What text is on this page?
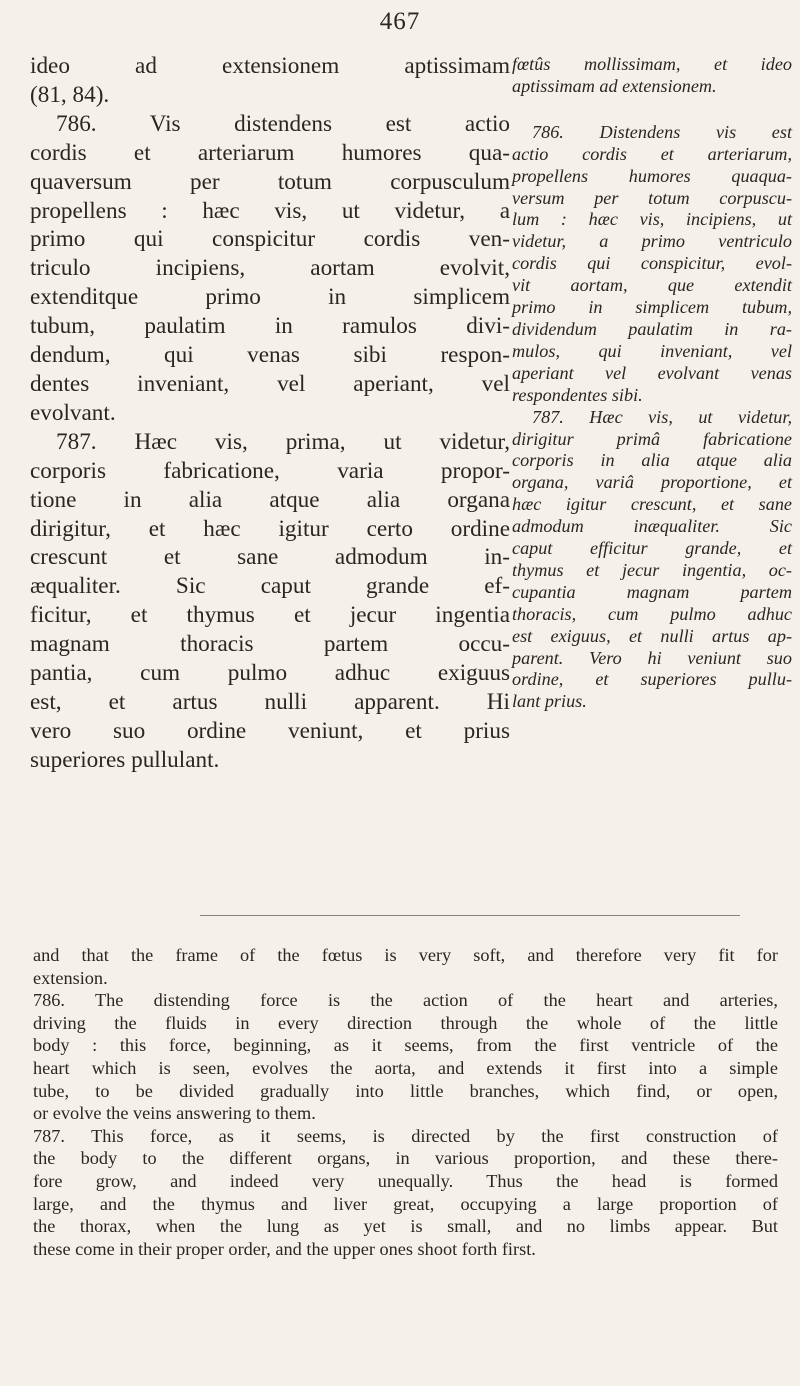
467
ideo ad extensionem aptissimam
(81, 84).
786. Vis distendens est actio
cordis et arteriarum humores qua-
quaversum per totum corpusculum
propellens : hæc vis, ut videtur, a
primo qui conspicitur cordis ven-
triculo incipiens, aortam evolvit,
extenditque primo in simplicem
tubum, paulatim in ramulos divi-
dendum, qui venas sibi respon-
dentes inveniant, vel aperiant, vel
evolvant.
787. Hæc vis, prima, ut videtur,
corporis fabricatione, varia propor-
tione in alia atque alia organa
dirigitur, et hæc igitur certo ordine
crescunt et sane admodum in-
æqualiter. Sic caput grande ef-
ficitur, et thymus et jecur ingentia
magnam thoracis partem occu-
pantia, cum pulmo adhuc exiguus
est, et artus nulli apparent. Hi
vero suo ordine veniunt, et prius
superiores pullulant.
fœtûs mollissimam, et ideo
aptissimam ad extensionem.
786. Distendens vis est
actio cordis et arteriarum,
propellens humores quaqua-
versum per totum corpuscu-
lum : hæc vis, incipiens, ut
videtur, a primo ventriculo
cordis qui conspicitur, evol-
vit aortam, que extendit
primo in simplicem tubum,
dividendum paulatim in ra-
mulos, qui inveniant, vel
aperiant vel evolvant venas
respondentes sibi.
787. Hæc vis, ut videtur,
dirigitur primâ fabricatione
corporis in alia atque alia
organa, variâ proportione, et
hæc igitur crescunt, et sane
admodum inæqualiter. Sic
caput efficitur grande, et
thymus et jecur ingentia, oc-
cupantia magnam partem
thoracis, cum pulmo adhuc
est exiguus, et nulli artus ap-
parent. Vero hi veniunt suo
ordine, et superiores pullu-
lant prius.
and that the frame of the fœtus is very soft, and therefore very fit for
extension.
786. The distending force is the action of the heart and arteries,
driving the fluids in every direction through the whole of the little
body : this force, beginning, as it seems, from the first ventricle of the
heart which is seen, evolves the aorta, and extends it first into a simple
tube, to be divided gradually into little branches, which find, or open,
or evolve the veins answering to them.
787. This force, as it seems, is directed by the first construction of
the body to the different organs, in various proportion, and these there-
fore grow, and indeed very unequally. Thus the head is formed
large, and the thymus and liver great, occupying a large proportion of
the thorax, when the lung as yet is small, and no limbs appear. But
these come in their proper order, and the upper ones shoot forth first.
